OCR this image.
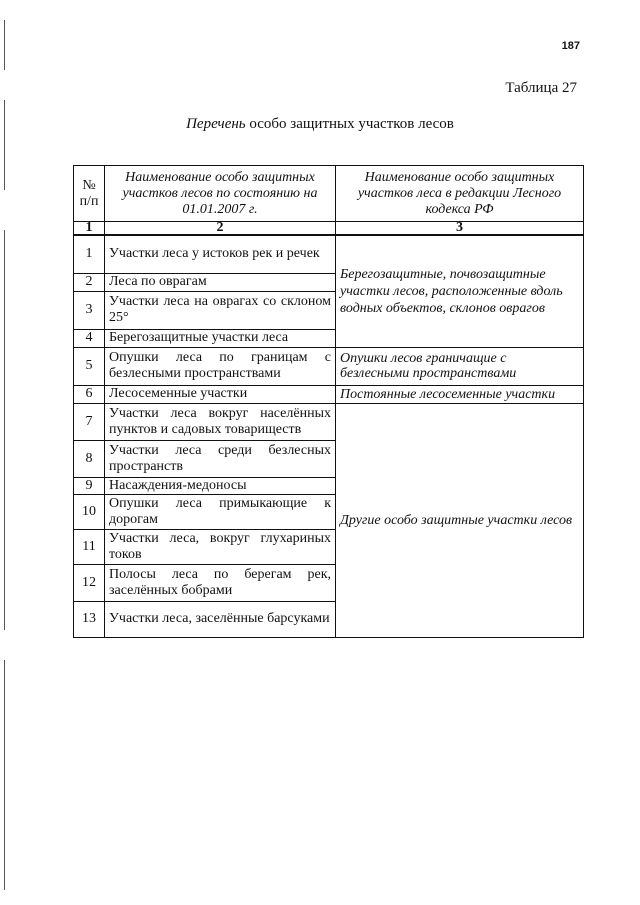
187
Таблица 27
Перечень особо защитных участков лесов
№ п/п	Наименование особо защитных участков лесов по состоянию на 01.01.2007 г.	Наименование особо защитных участков леса в редакции Лесного кодекса РФ
1	2	3
1	Участки леса у истоков рек и речек	Берегозащитные, почвозащитные участки лесов, расположенные вдоль водных объектов, склонов оврагов
2	Леса по оврагам	
3	Участки леса на оврагах со склоном 25°	
4	Берегозащитные участки леса	
5	Опушки леса по границам с безлесными пространствами	Опушки лесов граничащие с безлесными пространствами
6	Лесосеменные участки	Постоянные лесосеменные участки
7	Участки леса вокруг населённых пунктов и садовых товариществ	Другие особо защитные участки лесов
8	Участки леса среди безлесных пространств	
9	Насаждения-медоносы	
10	Опушки леса примыкающие к дорогам	
11	Участки леса, вокруг глухариных токов	
12	Полосы леса по берегам рек, заселённых бобрами	
13	Участки леса, заселённые барсуками	
